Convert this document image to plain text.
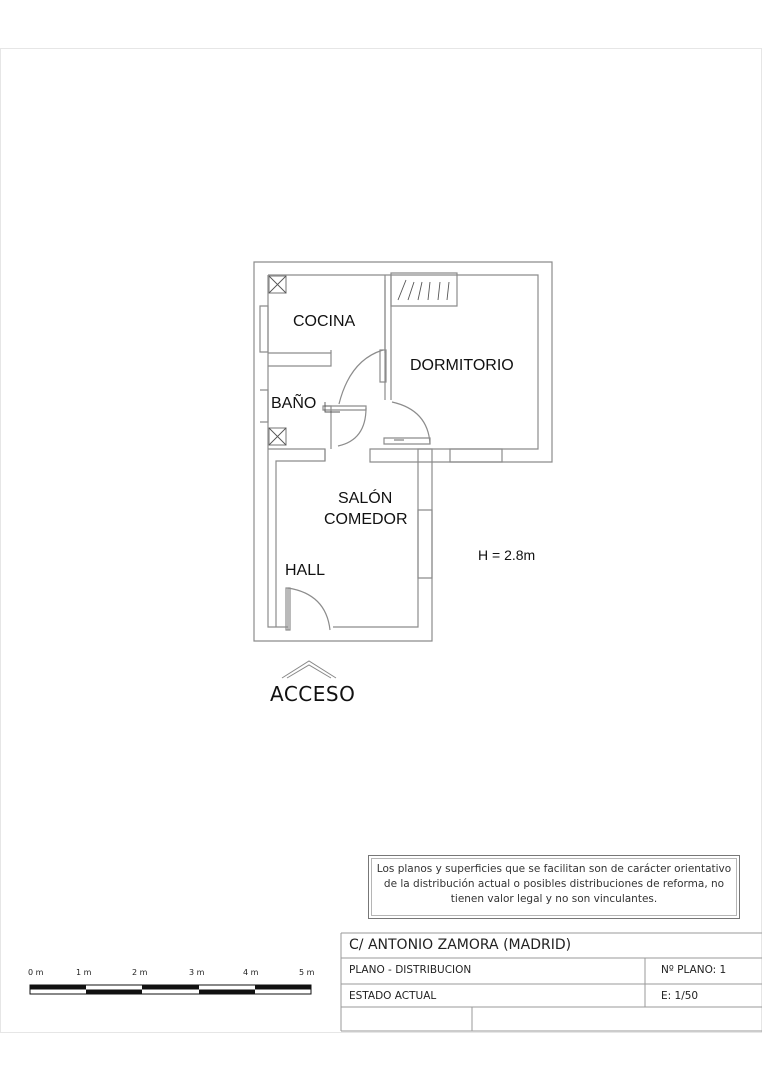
COCINA
DORMITORIO
BAÑO
SALÓN
COMEDOR
HALL
ACCESO
H = 2.8m
Los planos y superficies que se facilitan son de carácter orientativo de la distribución actual o posibles distribuciones de reforma, no tienen valor legal y no son vinculantes.
C/ ANTONIO ZAMORA (MADRID)
PLANO - DISTRIBUCION	Nº PLANO: 1
ESTADO ACTUAL	E: 1/50
0 m	1 m	2 m	3 m	4 m	5 m
